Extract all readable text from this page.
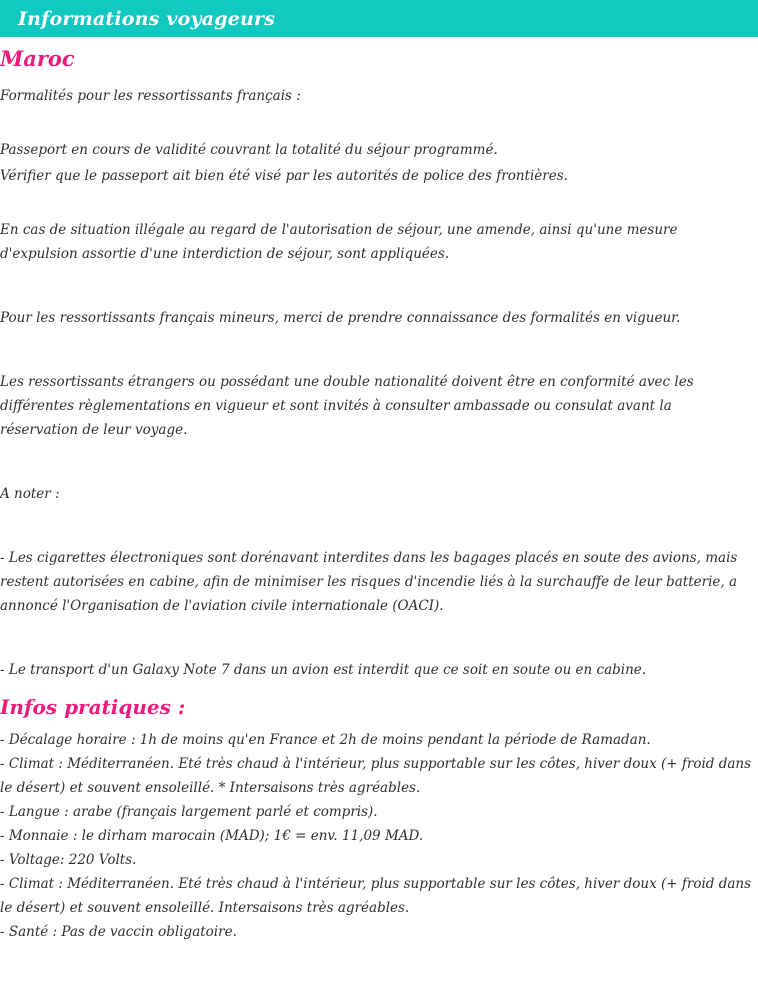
Informations voyageurs
Maroc

Formalités pour les ressortissants français :

Passeport en cours de validité couvrant la totalité du séjour programmé.

Vérifier que le passeport ait bien été visé par les autorités de police des frontières.

En cas de situation illégale au regard de l'autorisation de séjour, une amende, ainsi qu'une mesure d'expulsion assortie d'une interdiction de séjour, sont appliquées.

Pour les ressortissants français mineurs, merci de prendre connaissance des formalités en vigueur.

Les ressortissants étrangers ou possédant une double nationalité doivent être en conformité avec les différentes règlementations en vigueur et sont invités à consulter ambassade ou consulat avant la réservation de leur voyage.

A noter :

- Les cigarettes électroniques sont dorénavant interdites dans les bagages placés en soute des avions, mais restent autorisées en cabine, afin de minimiser les risques d'incendie liés à la surchauffe de leur batterie, a annoncé l'Organisation de l'aviation civile internationale (OACI).

- Le transport d'un Galaxy Note 7 dans un avion est interdit que ce soit en soute ou en cabine.

Infos pratiques :

- Décalage horaire : 1h de moins qu'en France et 2h de moins pendant la période de Ramadan.

- Climat : Méditerranéen. Eté très chaud à l'intérieur, plus supportable sur les côtes, hiver doux (+ froid dans le désert) et souvent ensoleillé. * Intersaisons très agréables.

- Langue : arabe (français largement parlé et compris).

- Monnaie : le dirham marocain (MAD); 1€ = env. 11,09 MAD.

- Voltage: 220 Volts.

- Climat : Méditerranéen. Eté très chaud à l'intérieur, plus supportable sur les côtes, hiver doux (+ froid dans le désert) et souvent ensoleillé. Intersaisons très agréables.

- Santé : Pas de vaccin obligatoire.
